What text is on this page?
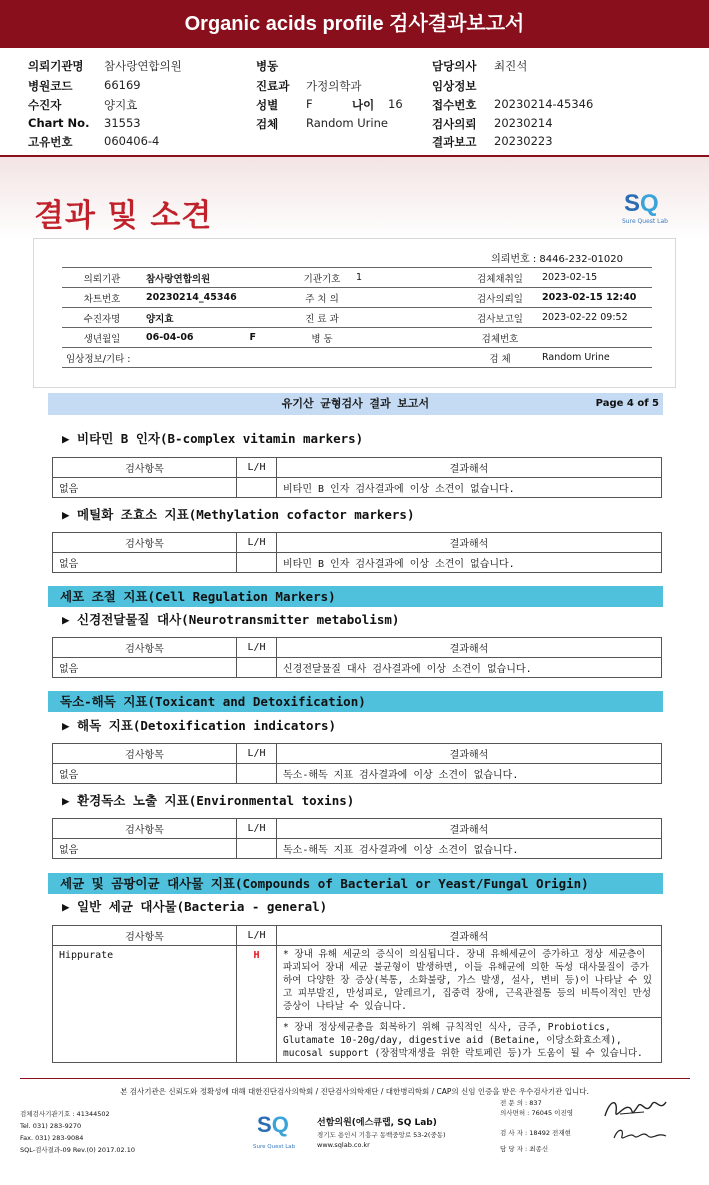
Organic acids profile 검사결과보고서
의뢰기관명 참사랑연합의원
병원코드	66169
수진자	양지효
Chart No. 31553
고유번호	060406-4
병동
진료과 가정의학과
성별 F	나이 16
검체 Random Urine
담당의사 최진석
임상정보
접수번호 20230214-45346
검사의뢰 20230214
결과보고 20230223
결과 및 소견	SQ
Sure Quest Lab
의뢰번호 : 8446-232-01020
의뢰기관	참사랑연합의원	기관기호	1	검체채취일	2023-02-15
차트번호	20230214_45346	주 치 의		검사의뢰일	2023-02-15 12:40
수진자명	양지효	진 료 과		검사보고일	2023-02-22 09:52
생년월일	06-04-06 F	병 동		검체번호	
임상정보/기타 :				검 체	Random Urine
유기산 균형검사 결과 보고서	Page 4 of 5
▶ 비타민 B 인자(B-complex vitamin markers)
검사항목	L/H	결과해석
없음		비타민 B 인자 검사결과에 이상 소견이 없습니다.
▶ 메틸화 조효소 지표(Methylation cofactor markers)
검사항목	L/H	결과해석
없음		비타민 B 인자 검사결과에 이상 소견이 없습니다.
세포 조절 지표(Cell Regulation Markers)
▶ 신경전달물질 대사(Neurotransmitter metabolism)
검사항목	L/H	결과해석
없음		신경전달물질 대사 검사결과에 이상 소견이 없습니다.
독소-해독 지표(Toxicant and Detoxification)
▶ 해독 지표(Detoxification indicators)
검사항목	L/H	결과해석
없음		독소-해독 지표 검사결과에 이상 소견이 없습니다.
▶ 환경독소 노출 지표(Environmental toxins)
검사항목	L/H	결과해석
없음		독소-해독 지표 검사결과에 이상 소견이 없습니다.
세균 및 곰팡이균 대사물 지표(Compounds of Bacterial or Yeast/Fungal Origin)
▶ 일반 세균 대사물(Bacteria - general)
검사항목	L/H	결과해석
Hippurate	H	* 장내 유해 세균의 증식이 의심됩니다. 장내 유해세균이 증가하고 정상 세균층이 파괴되어 장내 세균 불균형이 발생하면, 이들 유해균에 의한 독성 대사물질이 증가하여 다양한 장 증상(복통, 소화불량, 가스 발생, 설사, 변비 등)이 나타날 수 있고 피부발진, 만성피로, 알레르기, 집중력 장애, 근육관절통 등의 비특이적인 만성증상이 나타날 수 있습니다.
* 장내 정상세균총을 회복하기 위해 규칙적인 식사, 금주, Probiotics, Glutamate 10-20g/day, digestive aid (Betaine, 이당소화효소제), mucosal support (장점막재생을 위한 락토페린 등)가 도움이 될 수 있습니다.
본 검사기관은 신뢰도와 정확성에 대해 대한진단검사의학회 / 진단검사의학재단 / 대한병리학회 / CAP의 신임 인증을 받은 우수검사기관 입니다.
검체검사기관기호 : 41344502
Tel. 031) 283-9270
Fax. 031) 283-9084
SQL-검사결과-09 Rev.(0) 2017.02.10
SQ
Sure Quest Lab
선함의원(에스큐랩, SQ Lab)
경기도 용인시 기흥구 동백중앙로 53-2(중동)
www.sqlab.co.kr
전 문 의 : 837
의사면허 : 76045 이진영
검 사 자 : 18492 전재현
담 당 자 : 최종신
